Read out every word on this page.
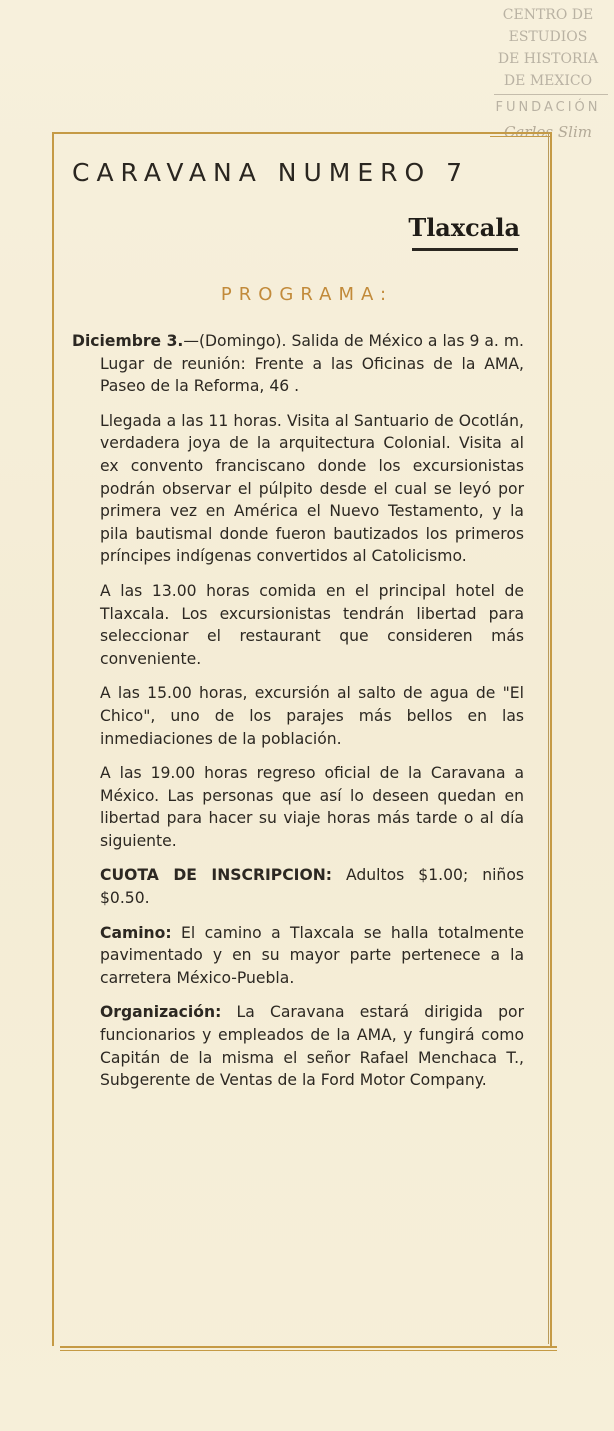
CENTRO DE
ESTUDIOS
DE HISTORIA
DE MEXICO
FUNDACIÓN
Carlos Slim
CARAVANA NUMERO 7
Tlaxcala
PROGRAMA:

Diciembre 3.—(Domingo). Salida de México a las 9 a. m. Lugar de reunión: Frente a las Oficinas de la AMA, Paseo de la Reforma, 46 .

Llegada a las 11 horas. Visita al Santuario de Ocotlán, verdadera joya de la arquitectura Colonial. Visita al ex convento franciscano donde los excursionistas podrán observar el púlpito desde el cual se leyó por primera vez en América el Nuevo Testamento, y la pila bautismal donde fueron bautizados los primeros príncipes indígenas convertidos al Catolicismo.

A las 13.00 horas comida en el principal hotel de Tlaxcala. Los excursionistas tendrán libertad para seleccionar el restaurant que consideren más conveniente.

A las 15.00 horas, excursión al salto de agua de "El Chico", uno de los parajes más bellos en las inmediaciones de la población.

A las 19.00 horas regreso oficial de la Caravana a México. Las personas que así lo deseen quedan en libertad para hacer su viaje horas más tarde o al día siguiente.

CUOTA DE INSCRIPCION: Adultos $1.00; niños $0.50.

Camino: El camino a Tlaxcala se halla totalmente pavimentado y en su mayor parte pertenece a la carretera México-Puebla.

Organización: La Caravana estará dirigida por funcionarios y empleados de la AMA, y fungirá como Capitán de la misma el señor Rafael Menchaca T., Subgerente de Ventas de la Ford Motor Company.
